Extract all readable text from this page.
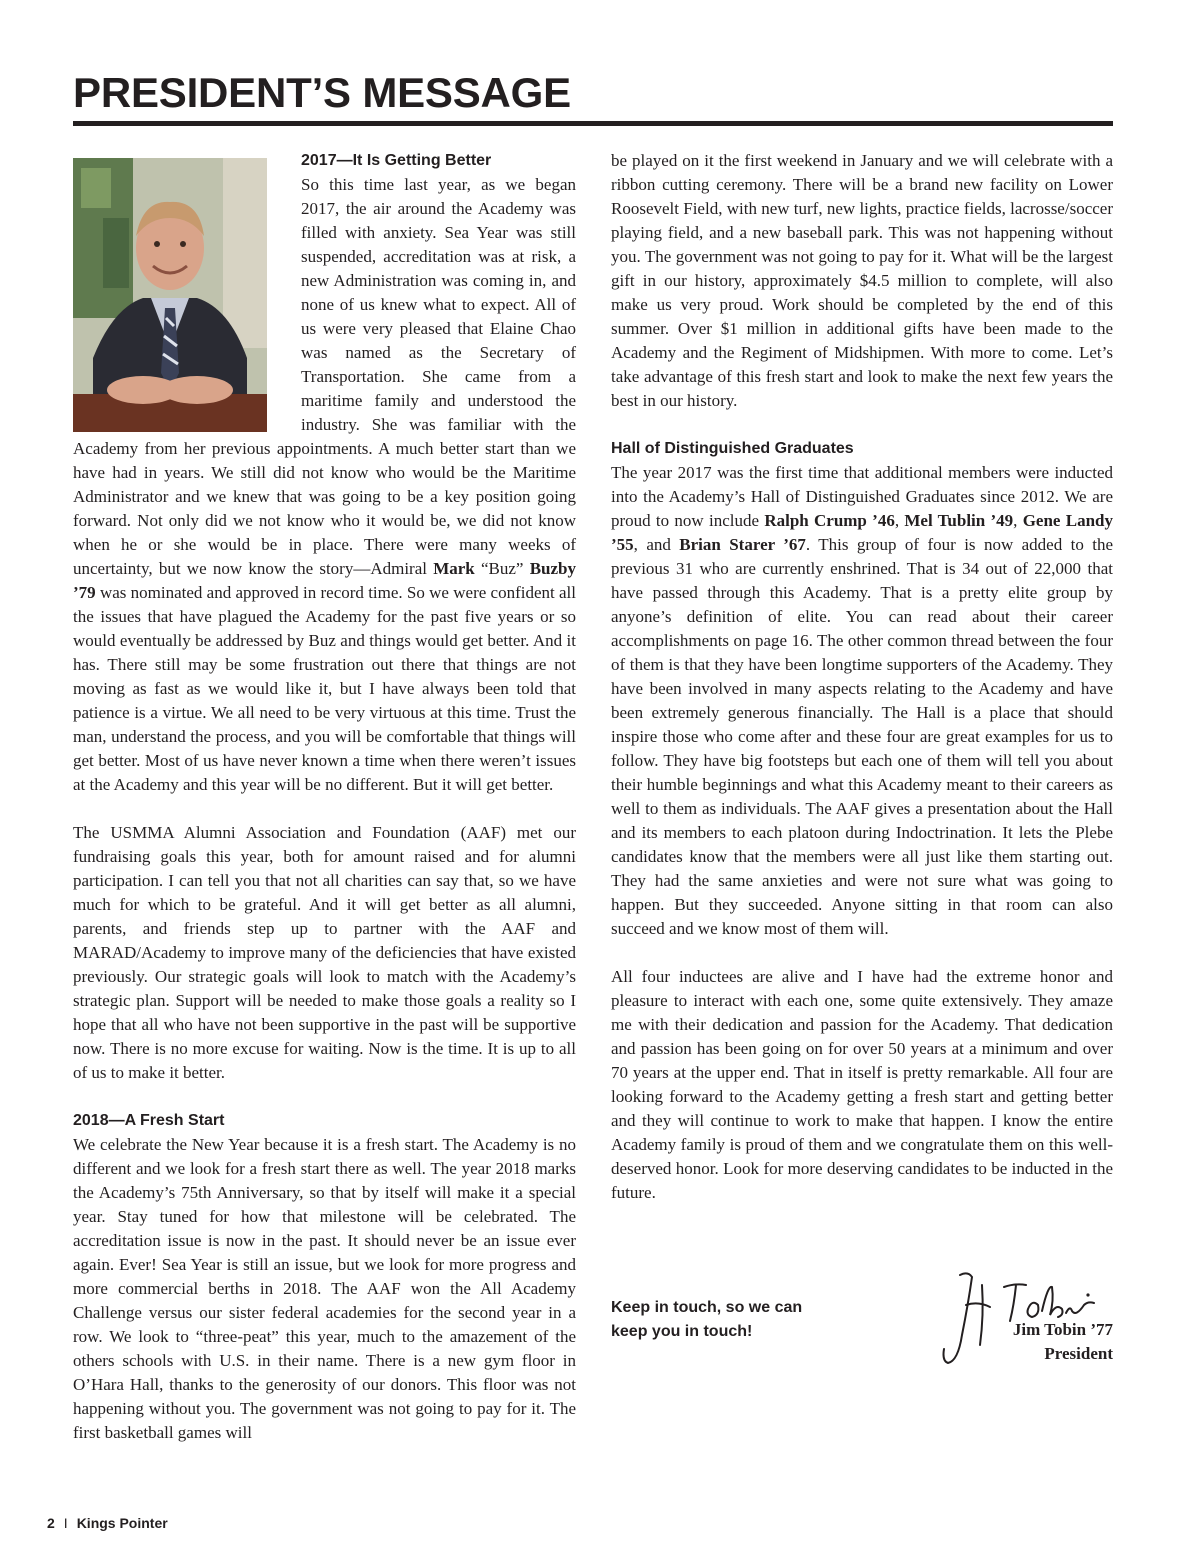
PRESIDENT’S MESSAGE
2017—It Is Getting Better

So this time last year, as we began 2017, the air around the Academy was filled with anxiety. Sea Year was still suspended, accreditation was at risk, a new Administration was coming in, and none of us knew what to expect. All of us were very pleased that Elaine Chao was named as the Secretary of Transportation. She came from a maritime family and understood the industry. She was familiar with the Academy from her previous appointments. A much better start than we have had in years. We still did not know who would be the Maritime Administrator and we knew that was going to be a key position going forward. Not only did we not know who it would be, we did not know when he or she would be in place. There were many weeks of uncertainty, but we now know the story—Admiral Mark “Buz” Buzby ’79 was nominated and approved in record time. So we were confident all the issues that have plagued the Academy for the past five years or so would eventually be addressed by Buz and things would get better. And it has. There still may be some frustration out there that things are not moving as fast as we would like it, but I have always been told that patience is a virtue. We all need to be very virtuous at this time. Trust the man, understand the process, and you will be comfortable that things will get better. Most of us have never known a time when there weren’t issues at the Academy and this year will be no different. But it will get better.

The USMMA Alumni Association and Foundation (AAF) met our fundraising goals this year, both for amount raised and for alumni participation. I can tell you that not all charities can say that, so we have much for which to be grateful. And it will get better as all alumni, parents, and friends step up to partner with the AAF and MARAD/Academy to improve many of the deficiencies that have existed previously. Our strategic goals will look to match with the Academy’s strategic plan. Support will be needed to make those goals a reality so I hope that all who have not been supportive in the past will be supportive now. There is no more excuse for waiting. Now is the time. It is up to all of us to make it better.

2018—A Fresh Start

We celebrate the New Year because it is a fresh start. The Academy is no different and we look for a fresh start there as well. The year 2018 marks the Academy’s 75th Anniversary, so that by itself will make it a special year. Stay tuned for how that milestone will be celebrated. The accreditation issue is now in the past. It should never be an issue ever again. Ever! Sea Year is still an issue, but we look for more progress and more commercial berths in 2018. The AAF won the All Academy Challenge versus our sister federal academies for the second year in a row. We look to “three-peat” this year, much to the amazement of the others schools with U.S. in their name. There is a new gym floor in O’Hara Hall, thanks to the generosity of our donors. This floor was not happening without you. The government was not going to pay for it. The first basketball games will

be played on it the first weekend in January and we will celebrate with a ribbon cutting ceremony. There will be a brand new facility on Lower Roosevelt Field, with new turf, new lights, practice fields, lacrosse/soccer playing field, and a new baseball park. This was not happening without you. The government was not going to pay for it. What will be the largest gift in our history, approximately $4.5 million to complete, will also make us very proud. Work should be completed by the end of this summer. Over $1 million in additional gifts have been made to the Academy and the Regiment of Midshipmen. With more to come. Let’s take advantage of this fresh start and look to make the next few years the best in our history.

Hall of Distinguished Graduates

The year 2017 was the first time that additional members were inducted into the Academy’s Hall of Distinguished Graduates since 2012. We are proud to now include Ralph Crump ’46, Mel Tublin ’49, Gene Landy ’55, and Brian Starer ’67. This group of four is now added to the previous 31 who are currently enshrined. That is 34 out of 22,000 that have passed through this Academy. That is a pretty elite group by anyone’s definition of elite. You can read about their career accomplishments on page 16. The other common thread between the four of them is that they have been longtime supporters of the Academy. They have been involved in many aspects relating to the Academy and have been extremely generous financially. The Hall is a place that should inspire those who come after and these four are great examples for us to follow. They have big footsteps but each one of them will tell you about their humble beginnings and what this Academy meant to their careers as well to them as individuals. The AAF gives a presentation about the Hall and its members to each platoon during Indoctrination. It lets the Plebe candidates know that the members were all just like them starting out. They had the same anxieties and were not sure what was going to happen. But they succeeded. Anyone sitting in that room can also succeed and we know most of them will.

All four inductees are alive and I have had the extreme honor and pleasure to interact with each one, some quite extensively. They amaze me with their dedication and passion for the Academy. That dedication and passion has been going on for over 50 years at a minimum and over 70 years at the upper end. That in itself is pretty remarkable. All four are looking forward to the Academy getting a fresh start and getting better and they will continue to work to make that happen. I know the entire Academy family is proud of them and we congratulate them on this well-deserved honor. Look for more deserving candidates to be inducted in the future.

Keep in touch, so we can
keep you in touch!	Jim Tobin ’77
President
2 I Kings Pointer
